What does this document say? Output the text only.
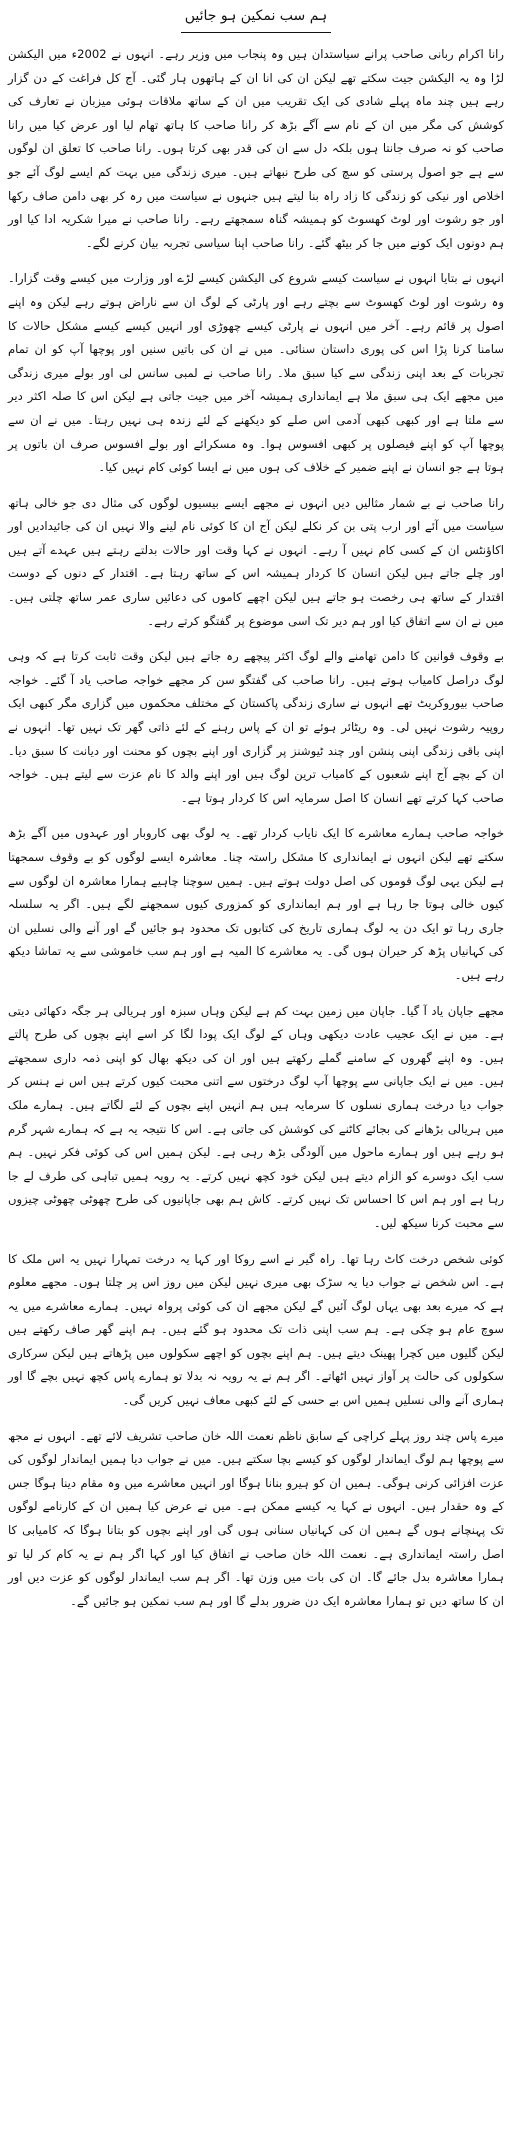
ہم سب نمکین ہو جائیں

رانا اکرام ربانی صاحب پرانے سیاستدان ہیں وہ پنجاب میں وزیر رہے۔ انہوں نے 2002ء میں الیکشن لڑا وہ یہ الیکشن جیت سکتے تھے لیکن ان کی انا ان کے ہاتھوں ہار گئی۔ آج کل فراغت کے دن گزار رہے ہیں چند ماہ پہلے شادی کی ایک تقریب میں ان کے ساتھ ملاقات ہوئی میزبان نے تعارف کی کوشش کی مگر میں ان کے نام سے آگے بڑھ کر رانا صاحب کا ہاتھ تھام لیا اور عرض کیا میں رانا صاحب کو نہ صرف جانتا ہوں بلکہ دل سے ان کی قدر بھی کرتا ہوں۔ رانا صاحب کا تعلق ان لوگوں سے ہے جو اصول پرستی کو سچ کی طرح نبھاتے ہیں۔ میری زندگی میں بہت کم ایسے لوگ آئے جو اخلاص اور نیکی کو زندگی کا زاد راہ بنا لیتے ہیں جنہوں نے سیاست میں رہ کر بھی دامن صاف رکھا اور جو رشوت اور لوٹ کھسوٹ کو ہمیشہ گناہ سمجھتے رہے۔ رانا صاحب نے میرا شکریہ ادا کیا اور ہم دونوں ایک کونے میں جا کر بیٹھ گئے۔ رانا صاحب اپنا سیاسی تجربہ بیان کرنے لگے۔

انہوں نے بتایا انہوں نے سیاست کیسے شروع کی الیکشن کیسے لڑے اور وزارت میں کیسے وقت گزارا۔ وہ رشوت اور لوٹ کھسوٹ سے بچتے رہے اور پارٹی کے لوگ ان سے ناراض ہوتے رہے لیکن وہ اپنے اصول پر قائم رہے۔ آخر میں انہوں نے پارٹی کیسے چھوڑی اور انہیں کیسے کیسے مشکل حالات کا سامنا کرنا پڑا اس کی پوری داستان سنائی۔ میں نے ان کی باتیں سنیں اور پوچھا آپ کو ان تمام تجربات کے بعد اپنی زندگی سے کیا سبق ملا۔ رانا صاحب نے لمبی سانس لی اور بولے میری زندگی میں مجھے ایک ہی سبق ملا ہے ایمانداری ہمیشہ آخر میں جیت جاتی ہے لیکن اس کا صلہ اکثر دیر سے ملتا ہے اور کبھی کبھی آدمی اس صلے کو دیکھنے کے لئے زندہ ہی نہیں رہتا۔ میں نے ان سے پوچھا آپ کو اپنے فیصلوں پر کبھی افسوس ہوا۔ وہ مسکرائے اور بولے افسوس صرف ان باتوں پر ہوتا ہے جو انسان نے اپنے ضمیر کے خلاف کی ہوں میں نے ایسا کوئی کام نہیں کیا۔

رانا صاحب نے بے شمار مثالیں دیں انہوں نے مجھے ایسے بیسیوں لوگوں کی مثال دی جو خالی ہاتھ سیاست میں آئے اور ارب پتی بن کر نکلے لیکن آج ان کا کوئی نام لینے والا نہیں ان کی جائیدادیں اور اکاؤنٹس ان کے کسی کام نہیں آ رہے۔ انہوں نے کہا وقت اور حالات بدلتے رہتے ہیں عہدے آتے ہیں اور چلے جاتے ہیں لیکن انسان کا کردار ہمیشہ اس کے ساتھ رہتا ہے۔ اقتدار کے دنوں کے دوست اقتدار کے ساتھ ہی رخصت ہو جاتے ہیں لیکن اچھے کاموں کی دعائیں ساری عمر ساتھ چلتی ہیں۔ میں نے ان سے اتفاق کیا اور ہم دیر تک اسی موضوع پر گفتگو کرتے رہے۔

بے وقوف قوانین کا دامن تھامنے والے لوگ اکثر پیچھے رہ جاتے ہیں لیکن وقت ثابت کرتا ہے کہ وہی لوگ دراصل کامیاب ہوتے ہیں۔ رانا صاحب کی گفتگو سن کر مجھے خواجہ صاحب یاد آ گئے۔ خواجہ صاحب بیوروکریٹ تھے انہوں نے ساری زندگی پاکستان کے مختلف محکموں میں گزاری مگر کبھی ایک روپیہ رشوت نہیں لی۔ وہ ریٹائر ہوئے تو ان کے پاس رہنے کے لئے ذاتی گھر تک نہیں تھا۔ انہوں نے اپنی باقی زندگی اپنی پنشن اور چند ٹیوشنز پر گزاری اور اپنے بچوں کو محنت اور دیانت کا سبق دیا۔ ان کے بچے آج اپنے شعبوں کے کامیاب ترین لوگ ہیں اور اپنے والد کا نام عزت سے لیتے ہیں۔ خواجہ صاحب کہا کرتے تھے انسان کا اصل سرمایہ اس کا کردار ہوتا ہے۔

خواجہ صاحب ہمارے معاشرے کا ایک نایاب کردار تھے۔ یہ لوگ بھی کاروبار اور عہدوں میں آگے بڑھ سکتے تھے لیکن انہوں نے ایمانداری کا مشکل راستہ چنا۔ معاشرہ ایسے لوگوں کو بے وقوف سمجھتا ہے لیکن یہی لوگ قوموں کی اصل دولت ہوتے ہیں۔ ہمیں سوچنا چاہیے ہمارا معاشرہ ان لوگوں سے کیوں خالی ہوتا جا رہا ہے اور ہم ایمانداری کو کمزوری کیوں سمجھنے لگے ہیں۔ اگر یہ سلسلہ جاری رہا تو ایک دن یہ لوگ ہماری تاریخ کی کتابوں تک محدود ہو جائیں گے اور آنے والی نسلیں ان کی کہانیاں پڑھ کر حیران ہوں گی۔ یہ معاشرے کا المیہ ہے اور ہم سب خاموشی سے یہ تماشا دیکھ رہے ہیں۔

مجھے جاپان یاد آ گیا۔ جاپان میں زمین بہت کم ہے لیکن وہاں سبزہ اور ہریالی ہر جگہ دکھائی دیتی ہے۔ میں نے ایک عجیب عادت دیکھی وہاں کے لوگ ایک پودا لگا کر اسے اپنے بچوں کی طرح پالتے ہیں۔ وہ اپنے گھروں کے سامنے گملے رکھتے ہیں اور ان کی دیکھ بھال کو اپنی ذمہ داری سمجھتے ہیں۔ میں نے ایک جاپانی سے پوچھا آپ لوگ درختوں سے اتنی محبت کیوں کرتے ہیں اس نے ہنس کر جواب دیا درخت ہماری نسلوں کا سرمایہ ہیں ہم انہیں اپنے بچوں کے لئے لگاتے ہیں۔ ہمارے ملک میں ہریالی بڑھانے کی بجائے کاٹنے کی کوشش کی جاتی ہے۔ اس کا نتیجہ یہ ہے کہ ہمارے شہر گرم ہو رہے ہیں اور ہمارے ماحول میں آلودگی بڑھ رہی ہے۔ لیکن ہمیں اس کی کوئی فکر نہیں۔ ہم سب ایک دوسرے کو الزام دیتے ہیں لیکن خود کچھ نہیں کرتے۔ یہ رویہ ہمیں تباہی کی طرف لے جا رہا ہے اور ہم اس کا احساس تک نہیں کرتے۔ کاش ہم بھی جاپانیوں کی طرح چھوٹی چھوٹی چیزوں سے محبت کرنا سیکھ لیں۔

کوئی شخص درخت کاٹ رہا تھا۔ راہ گیر نے اسے روکا اور کہا یہ درخت تمہارا نہیں یہ اس ملک کا ہے۔ اس شخص نے جواب دیا یہ سڑک بھی میری نہیں لیکن میں روز اس پر چلتا ہوں۔ مجھے معلوم ہے کہ میرے بعد بھی یہاں لوگ آئیں گے لیکن مجھے ان کی کوئی پرواہ نہیں۔ ہمارے معاشرے میں یہ سوچ عام ہو چکی ہے۔ ہم سب اپنی ذات تک محدود ہو گئے ہیں۔ ہم اپنے گھر صاف رکھتے ہیں لیکن گلیوں میں کچرا پھینک دیتے ہیں۔ ہم اپنے بچوں کو اچھے سکولوں میں پڑھاتے ہیں لیکن سرکاری سکولوں کی حالت پر آواز نہیں اٹھاتے۔ اگر ہم نے یہ رویہ نہ بدلا تو ہمارے پاس کچھ نہیں بچے گا اور ہماری آنے والی نسلیں ہمیں اس بے حسی کے لئے کبھی معاف نہیں کریں گی۔

میرے پاس چند روز پہلے کراچی کے سابق ناظم نعمت اللہ خان صاحب تشریف لائے تھے۔ انہوں نے مجھ سے پوچھا ہم لوگ ایماندار لوگوں کو کیسے بچا سکتے ہیں۔ میں نے جواب دیا ہمیں ایماندار لوگوں کی عزت افزائی کرنی ہوگی۔ ہمیں ان کو ہیرو بنانا ہوگا اور انہیں معاشرے میں وہ مقام دینا ہوگا جس کے وہ حقدار ہیں۔ انہوں نے کہا یہ کیسے ممکن ہے۔ میں نے عرض کیا ہمیں ان کے کارنامے لوگوں تک پہنچانے ہوں گے ہمیں ان کی کہانیاں سنانی ہوں گی اور اپنے بچوں کو بتانا ہوگا کہ کامیابی کا اصل راستہ ایمانداری ہے۔ نعمت اللہ خان صاحب نے اتفاق کیا اور کہا اگر ہم نے یہ کام کر لیا تو ہمارا معاشرہ بدل جائے گا۔ ان کی بات میں وزن تھا۔ اگر ہم سب ایماندار لوگوں کو عزت دیں اور ان کا ساتھ دیں تو ہمارا معاشرہ ایک دن ضرور بدلے گا اور ہم سب نمکین ہو جائیں گے۔
